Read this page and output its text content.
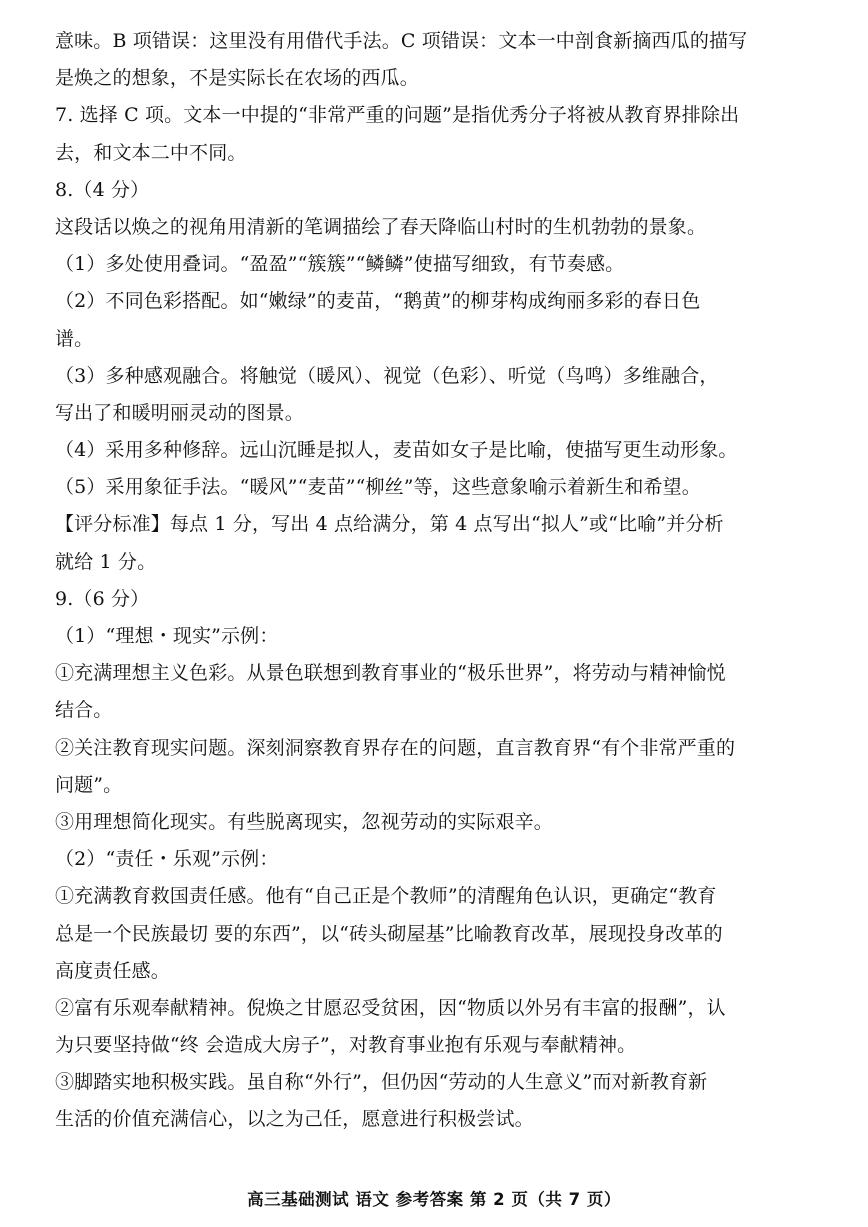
意味。B 项错误：这里没有用借代手法。C 项错误：文本一中剖食新摘西瓜的描写
是焕之的想象，不是实际长在农场的西瓜。
7. 选择 C 项。文本一中提的“非常严重的问题”是指优秀分子将被从教育界排除出
去，和文本二中不同。
8.（4 分）
这段话以焕之的视角用清新的笔调描绘了春天降临山村时的生机勃勃的景象。
（1）多处使用叠词。“盈盈”“簇簇”“鳞鳞”使描写细致，有节奏感。
（2）不同色彩搭配。如“嫩绿”的麦苗，“鹅黄”的柳芽构成绚丽多彩的春日色
谱。
（3）多种感观融合。将触觉（暖风）、视觉（色彩）、听觉（鸟鸣）多维融合，
写出了和暖明丽灵动的图景。
（4）采用多种修辞。远山沉睡是拟人，麦苗如女子是比喻，使描写更生动形象。
（5）采用象征手法。“暖风”“麦苗”“柳丝”等，这些意象喻示着新生和希望。
【评分标准】每点 1 分，写出 4 点给满分，第 4 点写出“拟人”或“比喻”并分析
就给 1 分。
9.（6 分）
（1）“理想・现实”示例：
①充满理想主义色彩。从景色联想到教育事业的“极乐世界”，将劳动与精神愉悦
结合。
②关注教育现实问题。深刻洞察教育界存在的问题，直言教育界“有个非常严重的
问题”。
③用理想简化现实。有些脱离现实，忽视劳动的实际艰辛。
（2）“责任・乐观”示例：
①充满教育救国责任感。他有“自己正是个教师”的清醒角色认识，更确定“教育
总是一个民族最切 要的东西”，以“砖头砌屋基”比喻教育改革，展现投身改革的
高度责任感。
②富有乐观奉献精神。倪焕之甘愿忍受贫困，因“物质以外另有丰富的报酬”，认
为只要坚持做“终 会造成大房子”，对教育事业抱有乐观与奉献精神。
③脚踏实地积极实践。虽自称“外行”，但仍因“劳动的人生意义”而对新教育新
生活的价值充满信心，以之为己任，愿意进行积极尝试。
高三基础测试 语文 参考答案 第 2 页（共 7 页）
